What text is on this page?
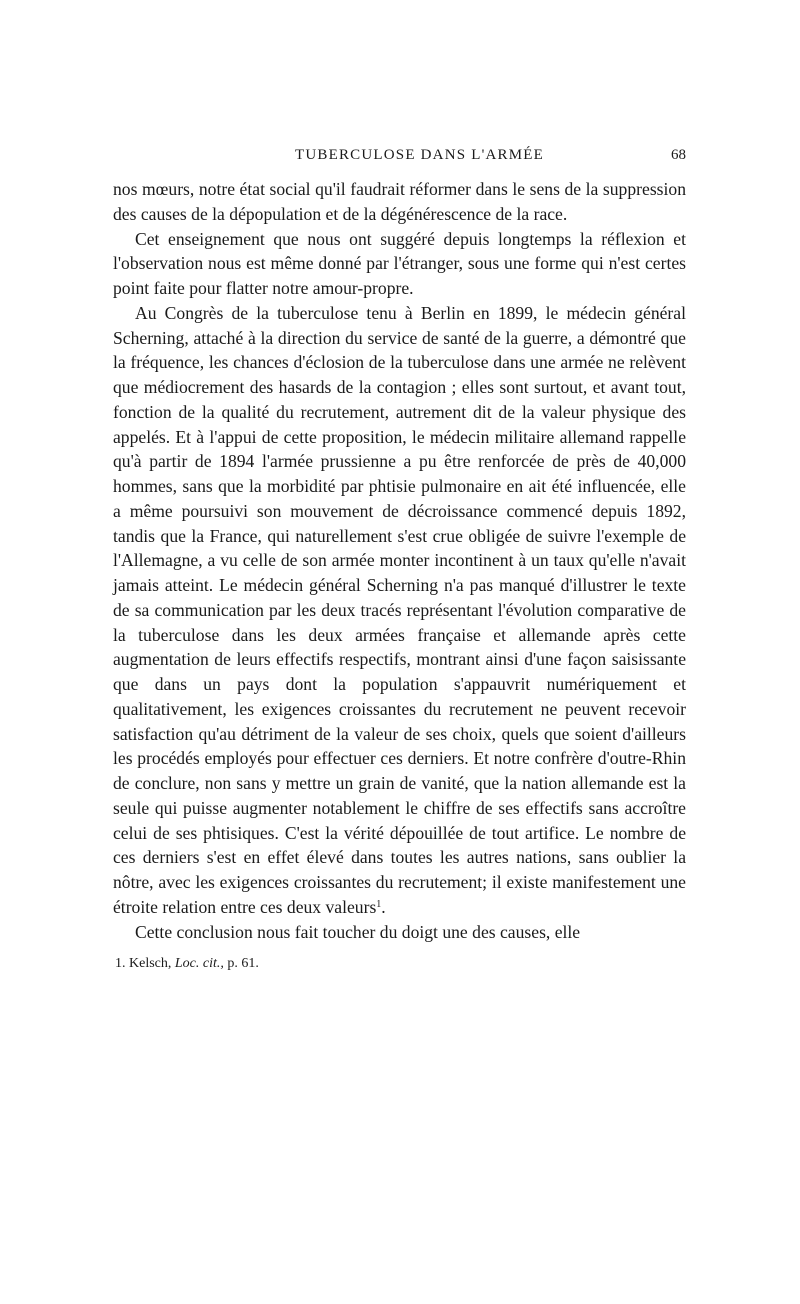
TUBERCULOSE DANS L'ARMÉE	68

nos mœurs, notre état social qu'il faudrait réformer dans le sens de la suppression des causes de la dépopulation et de la dégénérescence de la race.

Cet enseignement que nous ont suggéré depuis longtemps la réflexion et l'observation nous est même donné par l'étranger, sous une forme qui n'est certes point faite pour flatter notre amour-propre.

Au Congrès de la tuberculose tenu à Berlin en 1899, le médecin général Scherning, attaché à la direction du service de santé de la guerre, a démontré que la fréquence, les chances d'éclosion de la tuberculose dans une armée ne relèvent que médiocrement des hasards de la contagion ; elles sont surtout, et avant tout, fonction de la qualité du recrutement, autrement dit de la valeur physique des appelés. Et à l'appui de cette proposition, le médecin militaire allemand rappelle qu'à partir de 1894 l'armée prussienne a pu être renforcée de près de 40,000 hommes, sans que la morbidité par phtisie pulmonaire en ait été influencée, elle a même poursuivi son mouvement de décroissance commencé depuis 1892, tandis que la France, qui naturellement s'est crue obligée de suivre l'exemple de l'Allemagne, a vu celle de son armée monter incontinent à un taux qu'elle n'avait jamais atteint. Le médecin général Scherning n'a pas manqué d'illustrer le texte de sa communication par les deux tracés représentant l'évolution comparative de la tuberculose dans les deux armées française et allemande après cette augmentation de leurs effectifs respectifs, montrant ainsi d'une façon saisissante que dans un pays dont la population s'appauvrit numériquement et qualitativement, les exigences croissantes du recrutement ne peuvent recevoir satisfaction qu'au détriment de la valeur de ses choix, quels que soient d'ailleurs les procédés employés pour effectuer ces derniers. Et notre confrère d'outre-Rhin de conclure, non sans y mettre un grain de vanité, que la nation allemande est la seule qui puisse augmenter notablement le chiffre de ses effectifs sans accroître celui de ses phtisiques. C'est la vérité dépouillée de tout artifice. Le nombre de ces derniers s'est en effet élevé dans toutes les autres nations, sans oublier la nôtre, avec les exigences croissantes du recrutement; il existe manifestement une étroite relation entre ces deux valeurs$^1$.

Cette conclusion nous fait toucher du doigt une des causes, elle

1. Kelsch, Loc. cit., p. 61.
